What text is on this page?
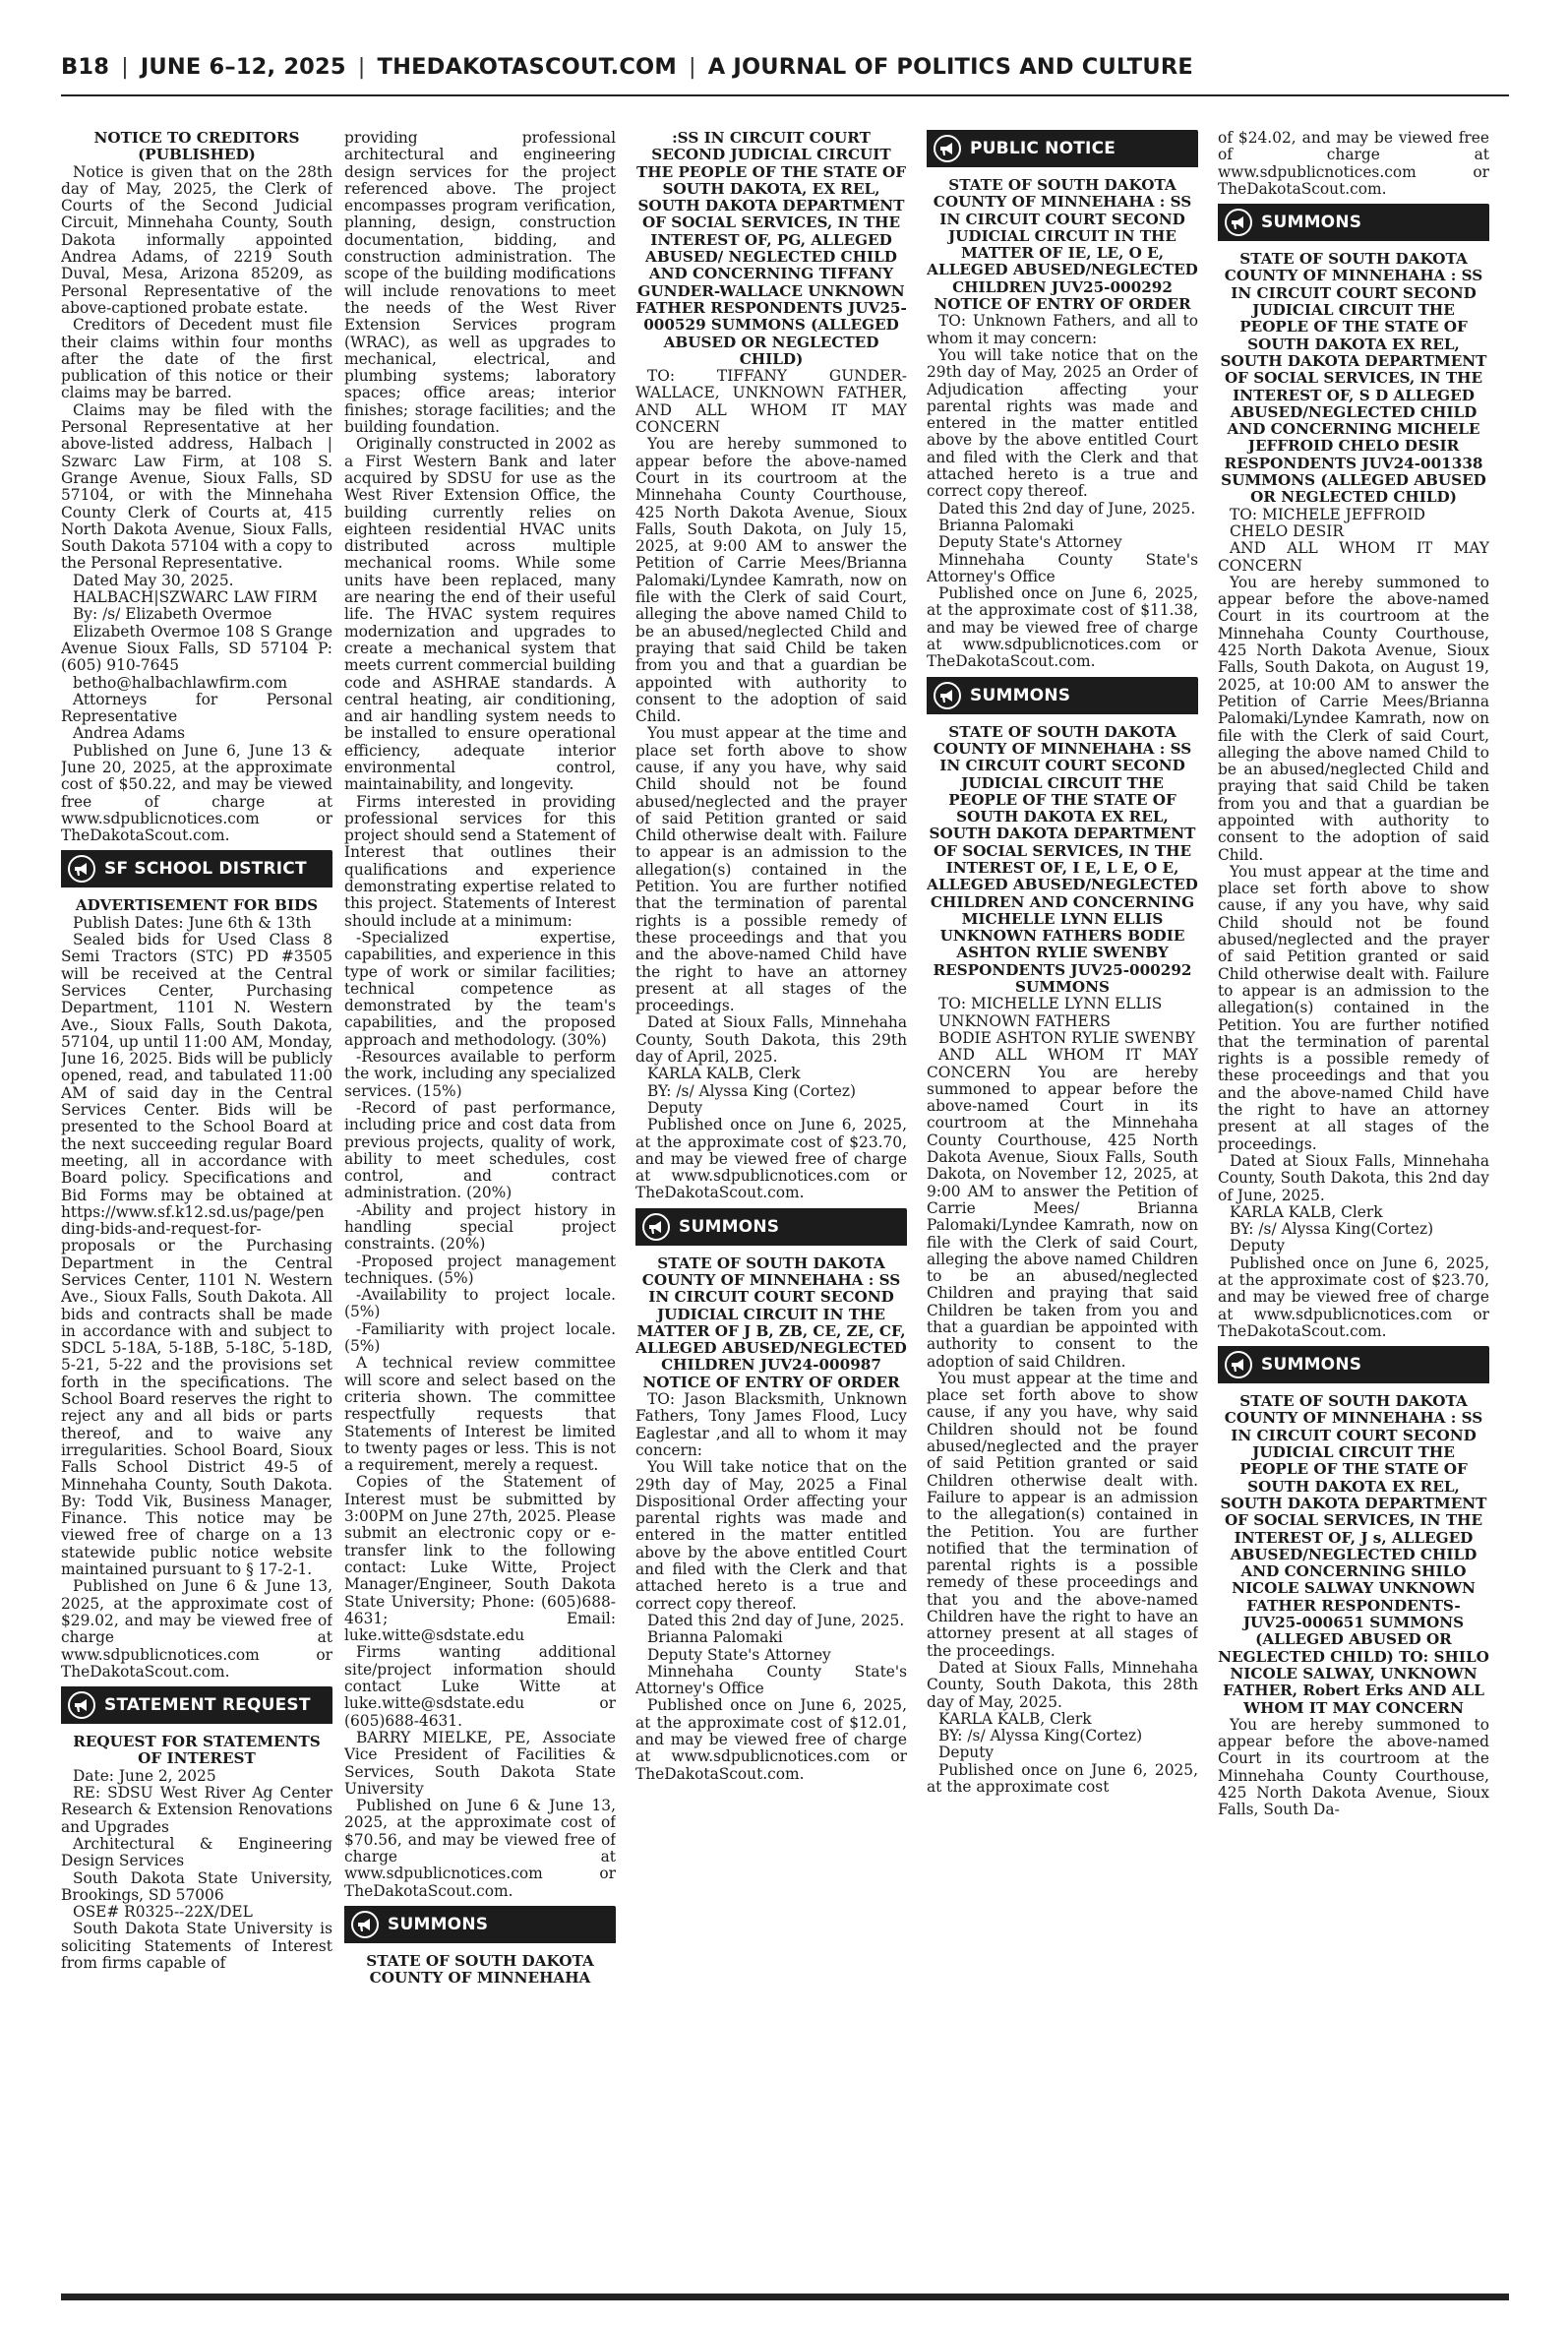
B18 | JUNE 6–12, 2025 | THEDAKOTASCOUT.COM | A JOURNAL OF POLITICS AND CULTURE

NOTICE TO CREDITORS (PUBLISHED)

Notice is given that on the 28th day of May, 2025, the Clerk of Courts of the Second Judicial Circuit, Minnehaha County, South Dakota informally appointed Andrea Adams, of 2219 South Duval, Mesa, Arizona 85209, as Personal Representative of the above-captioned probate estate.

Creditors of Decedent must file their claims within four months after the date of the first publication of this notice or their claims may be barred.

Claims may be filed with the Personal Representative at her above-listed address, Halbach | Szwarc Law Firm, at 108 S. Grange Avenue, Sioux Falls, SD 57104, or with the Minnehaha County Clerk of Courts at, 415 North Dakota Avenue, Sioux Falls, South Dakota 57104 with a copy to the Personal Representative.

Dated May 30, 2025.

HALBACH|SZWARC LAW FIRM

By: /s/ Elizabeth Overmoe

Elizabeth Overmoe 108 S Grange Avenue Sioux Falls, SD 57104 P: (605) 910-7645

betho@halbachlawfirm.com

Attorneys for Personal Representative

Andrea Adams

Published on June 6, June 13 & June 20, 2025, at the approximate cost of $50.22, and may be viewed free of charge at www.sdpublicnotices.com or TheDakotaScout.com.

SF SCHOOL DISTRICT

ADVERTISEMENT FOR BIDS

Publish Dates: June 6th & 13th

Sealed bids for Used Class 8 Semi Tractors (STC) PD #3505 will be received at the Central Services Center, Purchasing Department, 1101 N. Western Ave., Sioux Falls, South Dakota, 57104, up until 11:00 AM, Monday, June 16, 2025. Bids will be publicly opened, read, and tabulated 11:00 AM of said day in the Central Services Center. Bids will be presented to the School Board at the next succeeding regular Board meeting, all in accordance with Board policy. Specifications and Bid Forms may be obtained at https://www.sf.k12.sd.us/page/pending-bids-and-request-for-proposals or the Purchasing Department in the Central Services Center, 1101 N. Western Ave., Sioux Falls, South Dakota. All bids and contracts shall be made in accordance with and subject to SDCL 5-18A, 5-18B, 5-18C, 5-18D, 5-21, 5-22 and the provisions set forth in the specifications. The School Board reserves the right to reject any and all bids or parts thereof, and to waive any irregularities. School Board, Sioux Falls School District 49-5 of Minnehaha County, South Dakota. By: Todd Vik, Business Manager, Finance. This notice may be viewed free of charge on a 13 statewide public notice website maintained pursuant to § 17-2-1.

Published on June 6 & June 13, 2025, at the approximate cost of $29.02, and may be viewed free of charge at www.sdpublicnotices.com or TheDakotaScout.com.

STATEMENT REQUEST

REQUEST FOR STATEMENTS OF INTEREST

Date: June 2, 2025

RE: SDSU West River Ag Center Research & Extension Renovations and Upgrades

Architectural & Engineering Design Services

South Dakota State University, Brookings, SD 57006

OSE# R0325--22X/DEL

South Dakota State University is soliciting Statements of Interest from firms capable of

providing professional architectural and engineering design services for the project referenced above. The project encompasses program verification, planning, design, construction documentation, bidding, and construction administration. The scope of the building modifications will include renovations to meet the needs of the West River Extension Services program (WRAC), as well as upgrades to mechanical, electrical, and plumbing systems; laboratory spaces; office areas; interior finishes; storage facilities; and the building foundation.

Originally constructed in 2002 as a First Western Bank and later acquired by SDSU for use as the West River Extension Office, the building currently relies on eighteen residential HVAC units distributed across multiple mechanical rooms. While some units have been replaced, many are nearing the end of their useful life. The HVAC system requires modernization and upgrades to create a mechanical system that meets current commercial building code and ASHRAE standards. A central heating, air conditioning, and air handling system needs to be installed to ensure operational efficiency, adequate interior environmental control, maintainability, and longevity.

Firms interested in providing professional services for this project should send a Statement of Interest that outlines their qualifications and experience demonstrating expertise related to this project. Statements of Interest should include at a minimum:

-Specialized expertise, capabilities, and experience in this type of work or similar facilities; technical competence as demonstrated by the team's capabilities, and the proposed approach and methodology. (30%)

-Resources available to perform the work, including any specialized services. (15%)

-Record of past performance, including price and cost data from previous projects, quality of work, ability to meet schedules, cost control, and contract administration. (20%)

-Ability and project history in handling special project constraints. (20%)

-Proposed project management techniques. (5%)

-Availability to project locale. (5%)

-Familiarity with project locale. (5%)

A technical review committee will score and select based on the criteria shown. The committee respectfully requests that Statements of Interest be limited to twenty pages or less. This is not a requirement, merely a request.

Copies of the Statement of Interest must be submitted by 3:00PM on June 27th, 2025. Please submit an electronic copy or e-transfer link to the following contact: Luke Witte, Project Manager/Engineer, South Dakota State University; Phone: (605)688-4631; Email: luke.witte@sdstate.edu

Firms wanting additional site/project information should contact Luke Witte at luke.witte@sdstate.edu or (605)688-4631.

BARRY MIELKE, PE, Associate Vice President of Facilities & Services, South Dakota State University

Published on June 6 & June 13, 2025, at the approximate cost of $70.56, and may be viewed free of charge at www.sdpublicnotices.com or TheDakotaScout.com.

SUMMONS

STATE OF SOUTH DAKOTA COUNTY OF MINNEHAHA

:SS IN CIRCUIT COURT SECOND JUDICIAL CIRCUIT THE PEOPLE OF THE STATE OF SOUTH DAKOTA, EX REL, SOUTH DAKOTA DEPARTMENT OF SOCIAL SERVICES, IN THE INTEREST OF, PG, ALLEGED ABUSED/ NEGLECTED CHILD AND CONCERNING TIFFANY GUNDER-WALLACE UNKNOWN FATHER RESPONDENTS JUV25-000529 SUMMONS (ALLEGED ABUSED OR NEGLECTED CHILD)

TO: TIFFANY GUNDER-WALLACE, UNKNOWN FATHER, AND ALL WHOM IT MAY CONCERN

You are hereby summoned to appear before the above-named Court in its courtroom at the Minnehaha County Courthouse, 425 North Dakota Avenue, Sioux Falls, South Dakota, on July 15, 2025, at 9:00 AM to answer the Petition of Carrie Mees/Brianna Palomaki/Lyndee Kamrath, now on file with the Clerk of said Court, alleging the above named Child to be an abused/neglected Child and praying that said Child be taken from you and that a guardian be appointed with authority to consent to the adoption of said Child.

You must appear at the time and place set forth above to show cause, if any you have, why said Child should not be found abused/neglected and the prayer of said Petition granted or said Child otherwise dealt with. Failure to appear is an admission to the allegation(s) contained in the Petition. You are further notified that the termination of parental rights is a possible remedy of these proceedings and that you and the above-named Child have the right to have an attorney present at all stages of the proceedings.

Dated at Sioux Falls, Minnehaha County, South Dakota, this 29th day of April, 2025.

KARLA KALB, Clerk

BY: /s/ Alyssa King (Cortez)

Deputy

Published once on June 6, 2025, at the approximate cost of $23.70, and may be viewed free of charge at www.sdpublicnotices.com or TheDakotaScout.com.

SUMMONS

STATE OF SOUTH DAKOTA COUNTY OF MINNEHAHA : SS IN CIRCUIT COURT SECOND JUDICIAL CIRCUIT IN THE MATTER OF J B, ZB, CE, ZE, CF, ALLEGED ABUSED/NEGLECTED CHILDREN JUV24-000987 NOTICE OF ENTRY OF ORDER

TO: Jason Blacksmith, Unknown Fathers, Tony James Flood, Lucy Eaglestar ,and all to whom it may concern:

You Will take notice that on the 29th day of May, 2025 a Final Dispositional Order affecting your parental rights was made and entered in the matter entitled above by the above entitled Court and filed with the Clerk and that attached hereto is a true and correct copy thereof.

Dated this 2nd day of June, 2025.

Brianna Palomaki

Deputy State's Attorney

Minnehaha County State's Attorney's Office

Published once on June 6, 2025, at the approximate cost of $12.01, and may be viewed free of charge at www.sdpublicnotices.com or TheDakotaScout.com.

PUBLIC NOTICE

STATE OF SOUTH DAKOTA COUNTY OF MINNEHAHA : SS IN CIRCUIT COURT SECOND JUDICIAL CIRCUIT IN THE MATTER OF IE, LE, O E, ALLEGED ABUSED/NEGLECTED CHILDREN JUV25-000292 NOTICE OF ENTRY OF ORDER

TO: Unknown Fathers, and all to whom it may concern:

You will take notice that on the 29th day of May, 2025 an Order of Adjudication affecting your parental rights was made and entered in the matter entitled above by the above entitled Court and filed with the Clerk and that attached hereto is a true and correct copy thereof.

Dated this 2nd day of June, 2025.

Brianna Palomaki

Deputy State's Attorney

Minnehaha County State's Attorney's Office

Published once on June 6, 2025, at the approximate cost of $11.38, and may be viewed free of charge at www.sdpublicnotices.com or TheDakotaScout.com.

SUMMONS

STATE OF SOUTH DAKOTA COUNTY OF MINNEHAHA : SS IN CIRCUIT COURT SECOND JUDICIAL CIRCUIT THE PEOPLE OF THE STATE OF SOUTH DAKOTA EX REL, SOUTH DAKOTA DEPARTMENT OF SOCIAL SERVICES, IN THE INTEREST OF, I E, L E, O E, ALLEGED ABUSED/NEGLECTED CHILDREN AND CONCERNING MICHELLE LYNN ELLIS UNKNOWN FATHERS BODIE ASHTON RYLIE SWENBY RESPONDENTS JUV25-000292 SUMMONS

TO: MICHELLE LYNN ELLIS

UNKNOWN FATHERS

BODIE ASHTON RYLIE SWENBY

AND ALL WHOM IT MAY CONCERN You are hereby summoned to appear before the above-named Court in its courtroom at the Minnehaha County Courthouse, 425 North Dakota Avenue, Sioux Falls, South Dakota, on November 12, 2025, at 9:00 AM to answer the Petition of Carrie Mees/ Brianna Palomaki/Lyndee Kamrath, now on file with the Clerk of said Court, alleging the above named Children to be an abused/neglected Children and praying that said Children be taken from you and that a guardian be appointed with authority to consent to the adoption of said Children.

You must appear at the time and place set forth above to show cause, if any you have, why said Children should not be found abused/neglected and the prayer of said Petition granted or said Children otherwise dealt with. Failure to appear is an admission to the allegation(s) contained in the Petition. You are further notified that the termination of parental rights is a possible remedy of these proceedings and that you and the above-named Children have the right to have an attorney present at all stages of the proceedings.

Dated at Sioux Falls, Minnehaha County, South Dakota, this 28th day of May, 2025.

KARLA KALB, Clerk

BY: /s/ Alyssa King(Cortez)

Deputy

Published once on June 6, 2025, at the approximate cost

of $24.02, and may be viewed free of charge at www.sdpublicnotices.com or TheDakotaScout.com.

SUMMONS

STATE OF SOUTH DAKOTA COUNTY OF MINNEHAHA : SS IN CIRCUIT COURT SECOND JUDICIAL CIRCUIT THE PEOPLE OF THE STATE OF SOUTH DAKOTA EX REL, SOUTH DAKOTA DEPARTMENT OF SOCIAL SERVICES, IN THE INTEREST OF, S D ALLEGED ABUSED/NEGLECTED CHILD AND CONCERNING MICHELE JEFFROID CHELO DESIR RESPONDENTS JUV24-001338 SUMMONS (ALLEGED ABUSED OR NEGLECTED CHILD)

TO: MICHELE JEFFROID

CHELO DESIR

AND ALL WHOM IT MAY CONCERN

You are hereby summoned to appear before the above-named Court in its courtroom at the Minnehaha County Courthouse, 425 North Dakota Avenue, Sioux Falls, South Dakota, on August 19, 2025, at 10:00 AM to answer the Petition of Carrie Mees/Brianna Palomaki/Lyndee Kamrath, now on file with the Clerk of said Court, alleging the above named Child to be an abused/neglected Child and praying that said Child be taken from you and that a guardian be appointed with authority to consent to the adoption of said Child.

You must appear at the time and place set forth above to show cause, if any you have, why said Child should not be found abused/neglected and the prayer of said Petition granted or said Child otherwise dealt with. Failure to appear is an admission to the allegation(s) contained in the Petition. You are further notified that the termination of parental rights is a possible remedy of these proceedings and that you and the above-named Child have the right to have an attorney present at all stages of the proceedings.

Dated at Sioux Falls, Minnehaha County, South Dakota, this 2nd day of June, 2025.

KARLA KALB, Clerk

BY: /s/ Alyssa King(Cortez)

Deputy

Published once on June 6, 2025, at the approximate cost of $23.70, and may be viewed free of charge at www.sdpublicnotices.com or TheDakotaScout.com.

SUMMONS

STATE OF SOUTH DAKOTA COUNTY OF MINNEHAHA : SS IN CIRCUIT COURT SECOND JUDICIAL CIRCUIT THE PEOPLE OF THE STATE OF SOUTH DAKOTA EX REL, SOUTH DAKOTA DEPARTMENT OF SOCIAL SERVICES, IN THE INTEREST OF, J s, ALLEGED ABUSED/NEGLECTED CHILD AND CONCERNING SHILO NICOLE SALWAY UNKNOWN FATHER RESPONDENTS- JUV25-000651 SUMMONS (ALLEGED ABUSED OR NEGLECTED CHILD) TO: SHILO NICOLE SALWAY, UNKNOWN FATHER, Robert Erks AND ALL WHOM IT MAY CONCERN

You are hereby summoned to appear before the above-named Court in its courtroom at the Minnehaha County Courthouse, 425 North Dakota Avenue, Sioux Falls, South Da-
